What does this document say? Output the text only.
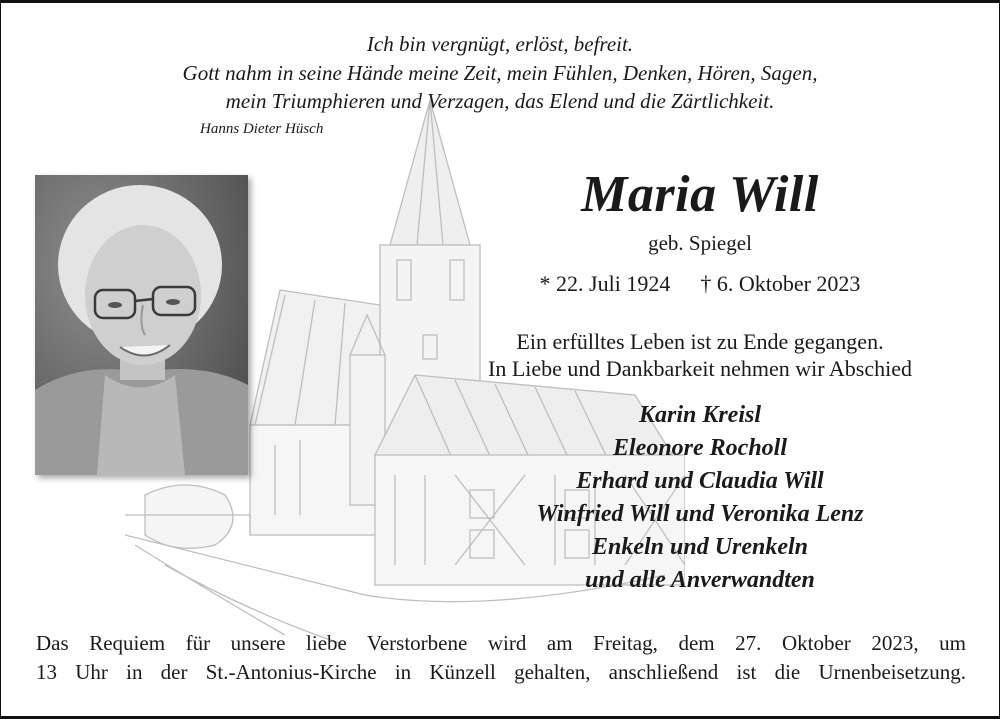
Ich bin vergnügt, erlöst, befreit.
Gott nahm in seine Hände meine Zeit, mein Fühlen, Denken, Hören, Sagen,
mein Triumphieren und Verzagen, das Elend und die Zärtlichkeit.
Hanns Dieter Hüsch
Maria Will
geb. Spiegel
* 22. Juli 1924 † 6. Oktober 2023
Ein erfülltes Leben ist zu Ende gegangen.
In Liebe und Dankbarkeit nehmen wir Abschied
Karin Kreisl
Eleonore Rocholl
Erhard und Claudia Will
Winfried Will und Veronika Lenz
Enkeln und Urenkeln
und alle Anverwandten
Das Requiem für unsere liebe Verstorbene wird am Freitag, dem 27. Oktober 2023, um
13 Uhr in der St.-Antonius-Kirche in Künzell gehalten, anschließend ist die Urnenbeisetzung.
